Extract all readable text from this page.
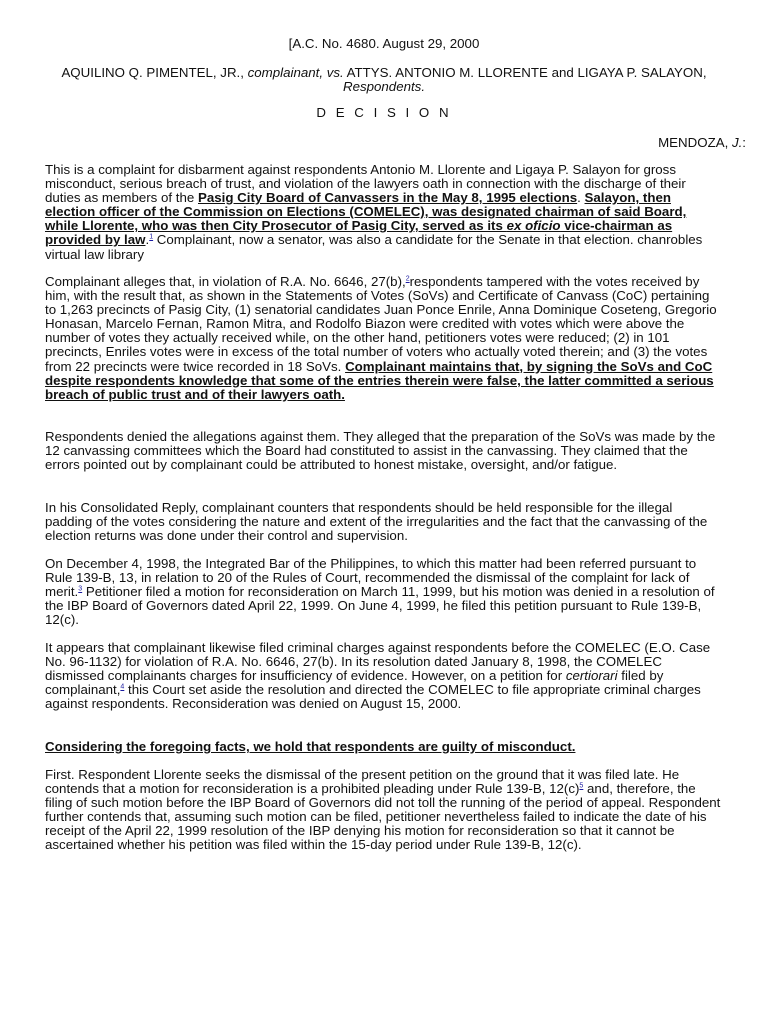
[A.C. No. 4680. August 29, 2000
AQUILINO Q. PIMENTEL, JR., complainant, vs. ATTYS. ANTONIO M. LLORENTE and LIGAYA P. SALAYON, Respondents.
D E C I S I O N
MENDOZA, J.:

This is a complaint for disbarment against respondents Antonio M. Llorente and Ligaya P. Salayon for gross misconduct, serious breach of trust, and violation of the lawyers oath in connection with the discharge of their duties as members of the Pasig City Board of Canvassers in the May 8, 1995 elections. Salayon, then election officer of the Commission on Elections (COMELEC), was designated chairman of said Board, while Llorente, who was then City Prosecutor of Pasig City, served as its ex oficio vice-chairman as provided by law.$^1$ Complainant, now a senator, was also a candidate for the Senate in that election. chanrobles virtual law library

Complainant alleges that, in violation of R.A. No. 6646, 27(b),$^2$respondents tampered with the votes received by him, with the result that, as shown in the Statements of Votes (SoVs) and Certificate of Canvass (CoC) pertaining to 1,263 precincts of Pasig City, (1) senatorial candidates Juan Ponce Enrile, Anna Dominique Coseteng, Gregorio Honasan, Marcelo Fernan, Ramon Mitra, and Rodolfo Biazon were credited with votes which were above the number of votes they actually received while, on the other hand, petitioners votes were reduced; (2) in 101 precincts, Enriles votes were in excess of the total number of voters who actually voted therein; and (3) the votes from 22 precincts were twice recorded in 18 SoVs. Complainant maintains that, by signing the SoVs and CoC despite respondents knowledge that some of the entries therein were false, the latter committed a serious breach of public trust and of their lawyers oath.

Respondents denied the allegations against them. They alleged that the preparation of the SoVs was made by the 12 canvassing committees which the Board had constituted to assist in the canvassing. They claimed that the errors pointed out by complainant could be attributed to honest mistake, oversight, and/or fatigue.

In his Consolidated Reply, complainant counters that respondents should be held responsible for the illegal padding of the votes considering the nature and extent of the irregularities and the fact that the canvassing of the election returns was done under their control and supervision.

On December 4, 1998, the Integrated Bar of the Philippines, to which this matter had been referred pursuant to Rule 139-B, 13, in relation to 20 of the Rules of Court, recommended the dismissal of the complaint for lack of merit.$^3$ Petitioner filed a motion for reconsideration on March 11, 1999, but his motion was denied in a resolution of the IBP Board of Governors dated April 22, 1999. On June 4, 1999, he filed this petition pursuant to Rule 139-B, 12(c).

It appears that complainant likewise filed criminal charges against respondents before the COMELEC (E.O. Case No. 96-1132) for violation of R.A. No. 6646, 27(b). In its resolution dated January 8, 1998, the COMELEC dismissed complainants charges for insufficiency of evidence. However, on a petition for certiorari filed by complainant,$^4$ this Court set aside the resolution and directed the COMELEC to file appropriate criminal charges against respondents. Reconsideration was denied on August 15, 2000.

Considering the foregoing facts, we hold that respondents are guilty of misconduct.

First. Respondent Llorente seeks the dismissal of the present petition on the ground that it was filed late. He contends that a motion for reconsideration is a prohibited pleading under Rule 139-B, 12(c)$^5$ and, therefore, the filing of such motion before the IBP Board of Governors did not toll the running of the period of appeal. Respondent further contends that, assuming such motion can be filed, petitioner nevertheless failed to indicate the date of his receipt of the April 22, 1999 resolution of the IBP denying his motion for reconsideration so that it cannot be ascertained whether his petition was filed within the 15-day period under Rule 139-B, 12(c).
